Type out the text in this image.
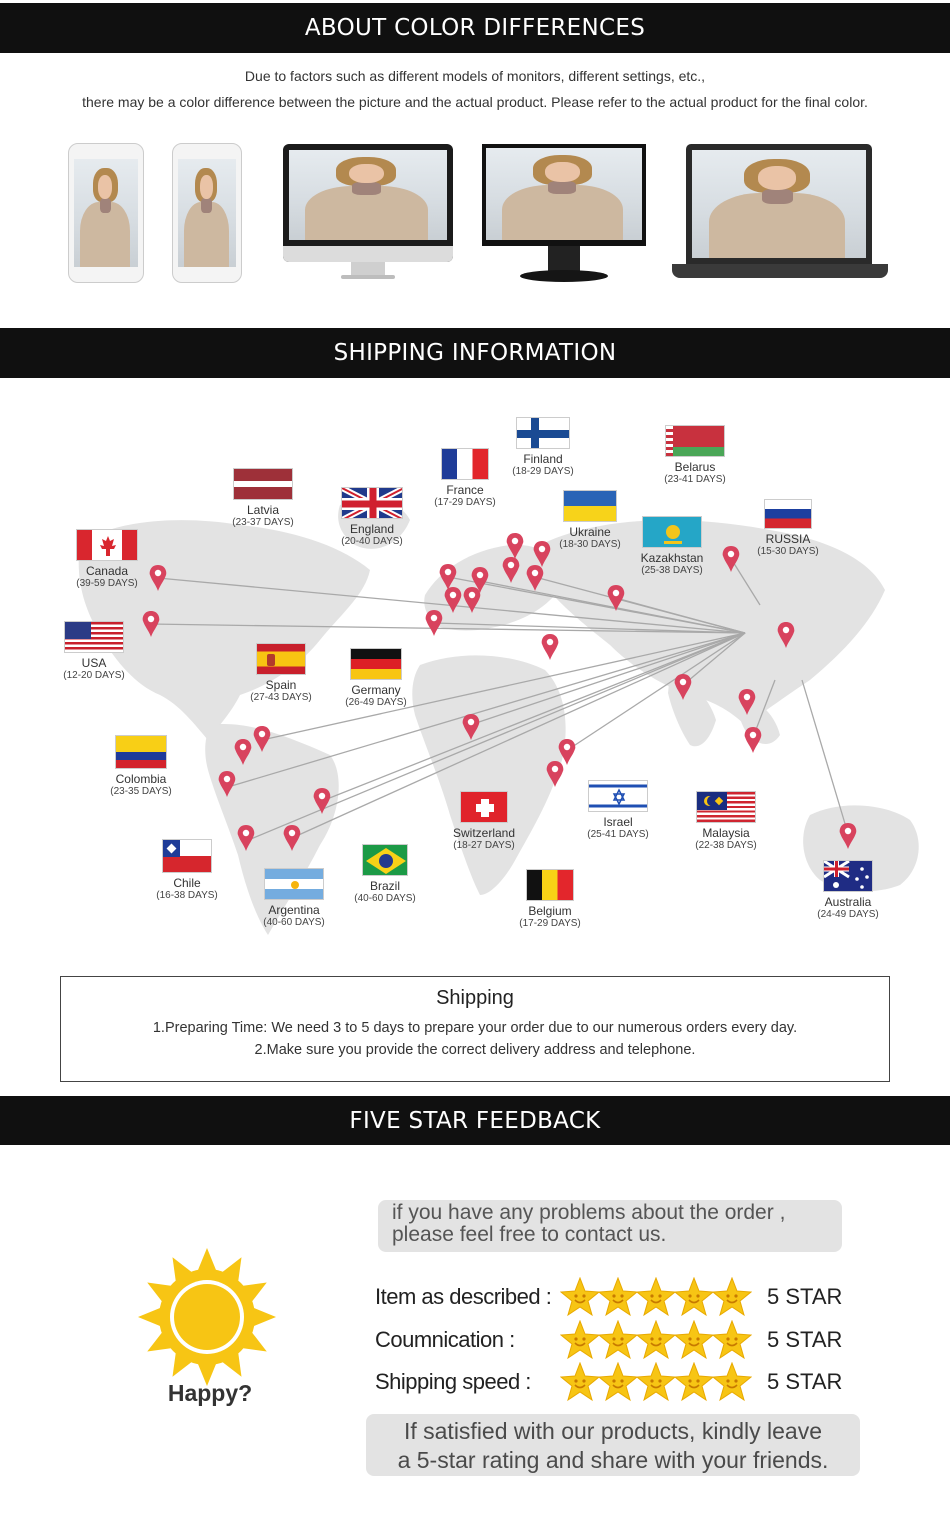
ABOUT COLOR DIFFERENCES
Due to factors such as different models of monitors, different settings, etc.,
there may be a color difference between the picture and the actual product. Please refer to the actual product for the final color.
SHIPPING INFORMATION
Finland
(18-29 DAYS)	Belarus
(23-41 DAYS)
France
(17-29 DAYS)
Latvia
(23-37 DAYS)	England
(20-40 DAYS)
Ukraine
(18-30 DAYS)
Kazakhstan
(25-38 DAYS)
RUSSIA
(15-30 DAYS)
Canada
(39-59 DAYS)
USA
(12-20 DAYS)
Spain
(27-43 DAYS)
Germany
(26-49 DAYS)
Colombia
(23-35 DAYS)
Switzerland
(18-27 DAYS)
Israel
(25-41 DAYS)	Malaysia
(22-38 DAYS)
Chile
(16-38 DAYS)
Argentina
(40-60 DAYS)
Brazil
(40-60 DAYS)
Belgium
(17-29 DAYS)
Australia
(24-49 DAYS)
Shipping
1.Preparing Time: We need 3 to 5 days to prepare your order due to our numerous orders every day.
2.Make sure you provide the correct delivery address and telephone.
FIVE STAR FEEDBACK
if you have any problems about the order ,
please feel free to contact us.
Happy?
Item as described :	5 STAR
Coumnication :	5 STAR
Shipping speed :	5 STAR
If satisfied with our products, kindly leave
a 5-star rating and share with your friends.
